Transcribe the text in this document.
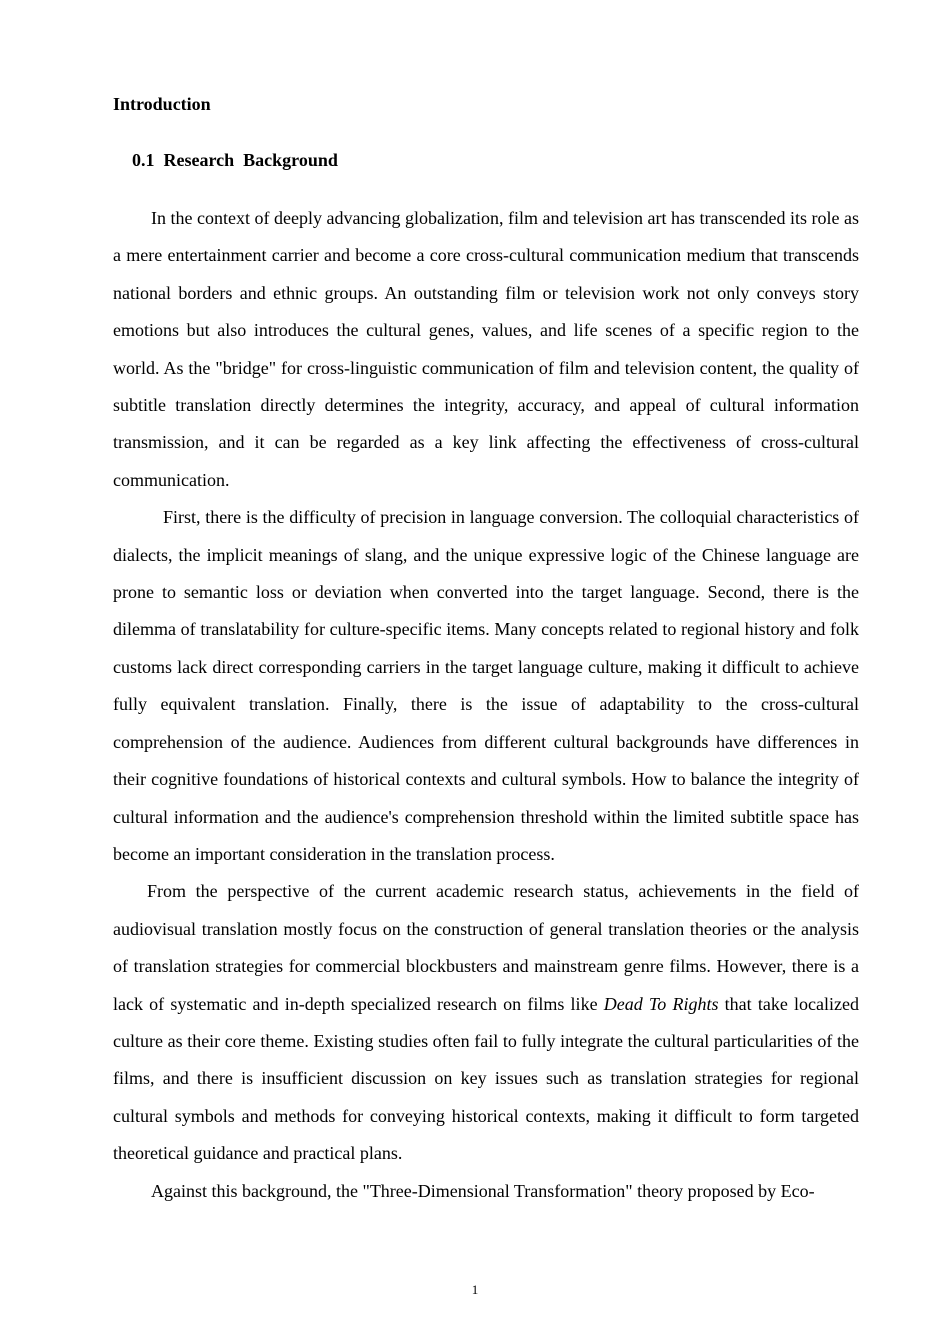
Introduction
0.1  Research  Background

In the context of deeply advancing globalization, film and television art has transcended its role as a mere entertainment carrier and become a core cross-cultural communication medium that transcends national borders and ethnic groups. An outstanding film or television work not only conveys story emotions but also introduces the cultural genes, values, and life scenes of a specific region to the world. As the "bridge" for cross-linguistic communication of film and television content, the quality of subtitle translation directly determines the integrity, accuracy, and appeal of cultural information transmission, and it can be regarded as a key link affecting the effectiveness of cross-cultural communication.

First, there is the difficulty of precision in language conversion. The colloquial characteristics of dialects, the implicit meanings of slang, and the unique expressive logic of the Chinese language are prone to semantic loss or deviation when converted into the target language. Second, there is the dilemma of translatability for culture-specific items. Many concepts related to regional history and folk customs lack direct corresponding carriers in the target language culture, making it difficult to achieve fully equivalent translation. Finally, there is the issue of adaptability to the cross-cultural comprehension of the audience. Audiences from different cultural backgrounds have differences in their cognitive foundations of historical contexts and cultural symbols. How to balance the integrity of cultural information and the audience's comprehension threshold within the limited subtitle space has become an important consideration in the translation process.

From the perspective of the current academic research status, achievements in the field of audiovisual translation mostly focus on the construction of general translation theories or the analysis of translation strategies for commercial blockbusters and mainstream genre films. However, there is a lack of systematic and in-depth specialized research on films like Dead To Rights that take localized culture as their core theme. Existing studies often fail to fully integrate the cultural particularities of the films, and there is insufficient discussion on key issues such as translation strategies for regional cultural symbols and methods for conveying historical contexts, making it difficult to form targeted theoretical guidance and practical plans.

Against this background, the "Three-Dimensional Transformation" theory proposed by Eco-

1
